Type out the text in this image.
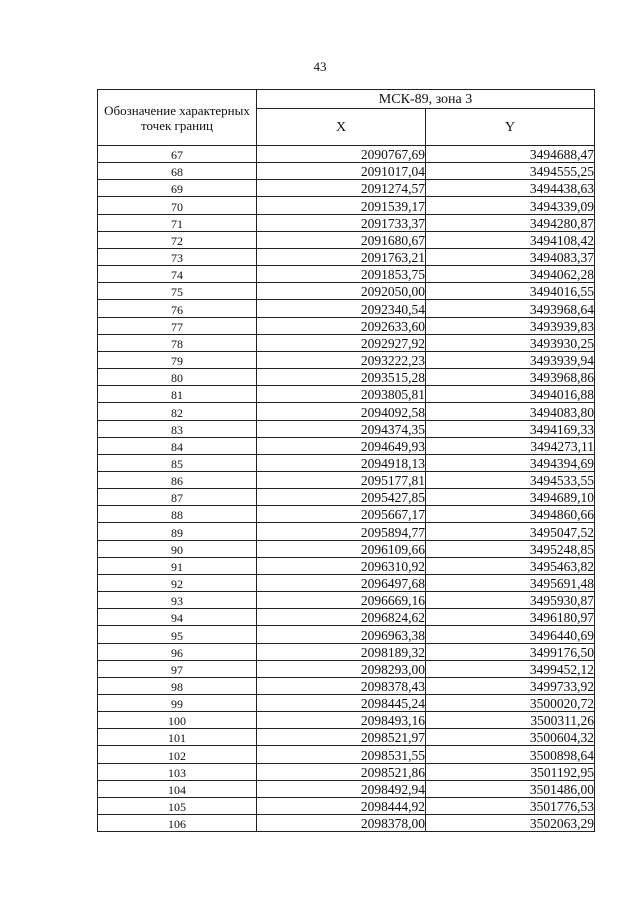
43
Обозначение характерных точек границ	МСК-89, зона 3	
	X	Y
67	2090767,69	3494688,47
68	2091017,04	3494555,25
69	2091274,57	3494438,63
70	2091539,17	3494339,09
71	2091733,37	3494280,87
72	2091680,67	3494108,42
73	2091763,21	3494083,37
74	2091853,75	3494062,28
75	2092050,00	3494016,55
76	2092340,54	3493968,64
77	2092633,60	3493939,83
78	2092927,92	3493930,25
79	2093222,23	3493939,94
80	2093515,28	3493968,86
81	2093805,81	3494016,88
82	2094092,58	3494083,80
83	2094374,35	3494169,33
84	2094649,93	3494273,11
85	2094918,13	3494394,69
86	2095177,81	3494533,55
87	2095427,85	3494689,10
88	2095667,17	3494860,66
89	2095894,77	3495047,52
90	2096109,66	3495248,85
91	2096310,92	3495463,82
92	2096497,68	3495691,48
93	2096669,16	3495930,87
94	2096824,62	3496180,97
95	2096963,38	3496440,69
96	2098189,32	3499176,50
97	2098293,00	3499452,12
98	2098378,43	3499733,92
99	2098445,24	3500020,72
100	2098493,16	3500311,26
101	2098521,97	3500604,32
102	2098531,55	3500898,64
103	2098521,86	3501192,95
104	2098492,94	3501486,00
105	2098444,92	3501776,53
106	2098378,00	3502063,29
